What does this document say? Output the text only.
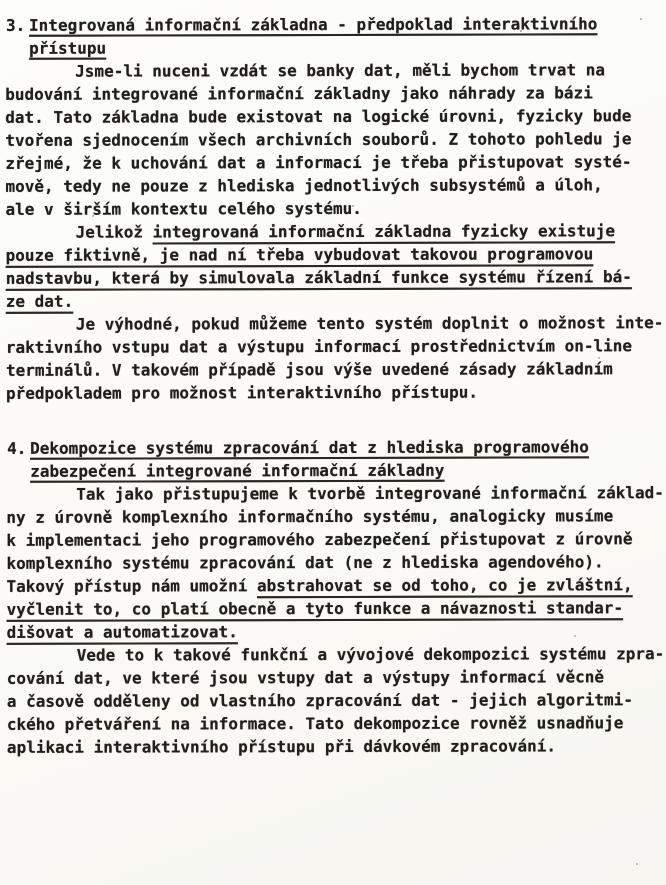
3. Integrovaná informační základna - předpoklad interaktivního
přístupu

Jsme-li nuceni vzdát se banky dat, měli bychom trvat na
budování integrované informační základny jako náhrady za bázi
dat. Tato základna bude existovat na logické úrovni, fyzicky bude
tvořena sjednocením všech archivních souborů. Z tohoto pohledu je
zřejmé, že k uchování dat a informací je třeba přistupovat systé-
mově, tedy ne pouze z hlediska jednotlivých subsystémů a úloh,
ale v širším kontextu celého systému.

Jelikož integrovaná informační základna fyzicky existuje
pouze fiktivně, je nad ní třeba vybudovat takovou programovou
nadstavbu, která by simulovala základní funkce systému řízení bá-
ze dat.

Je výhodné, pokud můžeme tento systém doplnit o možnost inte-
raktivního vstupu dat a výstupu informací prostřednictvím on-line
terminálů. V takovém případě jsou výše uvedené zásady základním
předpokladem pro možnost interaktivního přístupu.

4. Dekompozice systému zpracování dat z hlediska programového
zabezpečení integrované informační základny

Tak jako přistupujeme k tvorbě integrované informační základ-
ny z úrovně komplexního informačního systému, analogicky musíme
k implementaci jeho programového zabezpečení přistupovat z úrovně
komplexního systému zpracování dat (ne z hlediska agendového).
Takový přístup nám umožní abstrahovat se od toho, co je zvláštní,
vyčlenit to, co platí obecně a tyto funkce a návaznosti standar-
dišovat a automatizovat.

Vede to k takové funkční a vývojové dekompozici systému zpra-
cování dat, ve které jsou vstupy dat a výstupy informací věcně
a časově odděleny od vlastního zpracování dat - jejich algoritmi-
ckého přetváření na informace. Tato dekompozice rovněž usnadňuje
aplikaci interaktivního přístupu při dávkovém zpracování.
